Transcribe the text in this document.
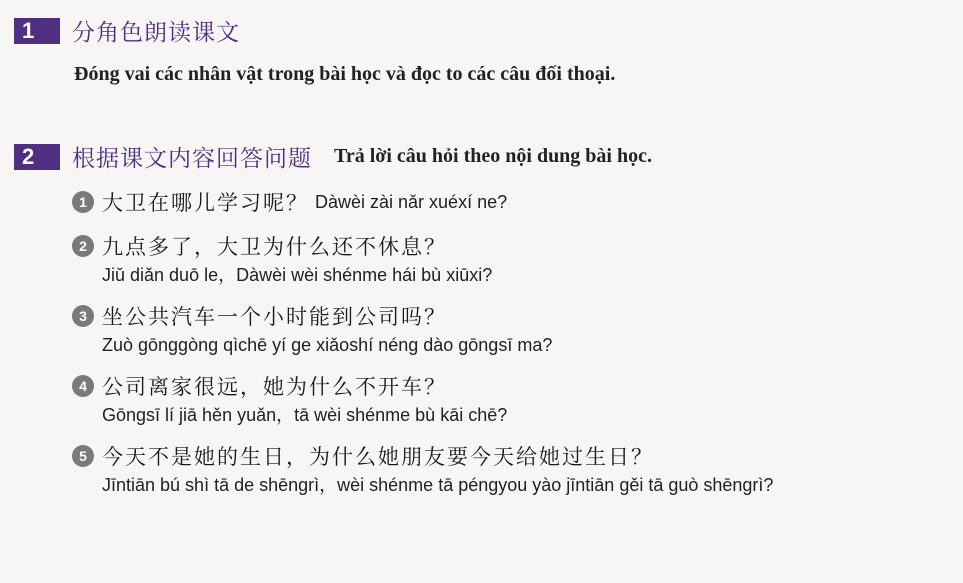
1	分角色朗读课文
Đóng vai các nhân vật trong bài học và đọc to các câu đối thoại.
2	根据课文内容回答问题 Trả lời câu hỏi theo nội dung bài học.
1 大卫在哪儿学习呢？ Dàwèi zài nǎr xuéxí ne?
2 九点多了，大卫为什么还不休息？
Jiǔ diǎn duō le，Dàwèi wèi shénme hái bù xiūxi?
3 坐公共汽车一个小时能到公司吗？
Zuò gōnggòng qìchē yí ge xiǎoshí néng dào gōngsī ma?
4 公司离家很远，她为什么不开车？
Gōngsī lí jiā hěn yuǎn，tā wèi shénme bù kāi chē?
5 今天不是她的生日，为什么她朋友要今天给她过生日？
Jīntiān bú shì tā de shēngrì，wèi shénme tā péngyou yào jīntiān gěi tā guò shēngrì?
